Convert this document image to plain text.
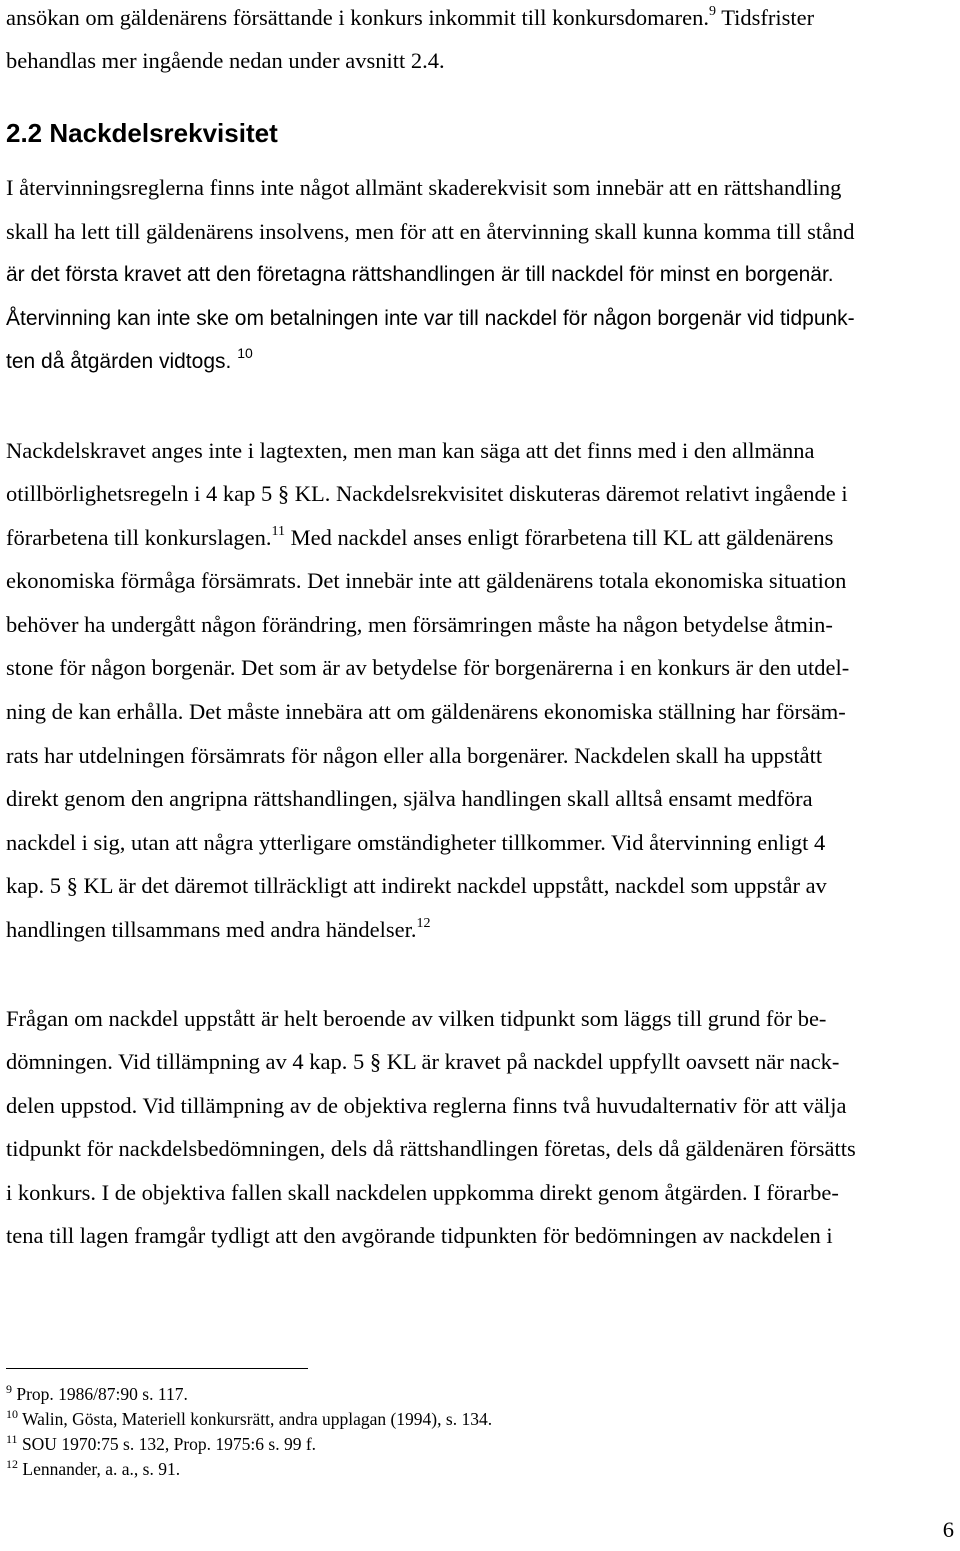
ansökan om gäldenärens försättande i konkurs inkommit till konkursdomaren.$^9$ Tidsfrister
behandlas mer ingående nedan under avsnitt 2.4.
2.2 Nackdelsrekvisitet
I återvinningsreglerna finns inte något allmänt skaderekvisit som innebär att en rättshandling
skall ha lett till gäldenärens insolvens, men för att en återvinning skall kunna komma till stånd
är det första kravet att den företagna rättshandlingen är till nackdel för minst en borgenär.
Återvinning kan inte ske om betalningen inte var till nackdel för någon borgenär vid tidpunk-
ten då åtgärden vidtogs. $^{10}$
Nackdelskravet anges inte i lagtexten, men man kan säga att det finns med i den allmänna
otillbörlighetsregeln i 4 kap 5 § KL. Nackdelsrekvisitet diskuteras däremot relativt ingående i
förarbetena till konkurslagen.$^{11}$ Med nackdel anses enligt förarbetena till KL att gäldenärens
ekonomiska förmåga försämrats. Det innebär inte att gäldenärens totala ekonomiska situation
behöver ha undergått någon förändring, men försämringen måste ha någon betydelse åtmin-
stone för någon borgenär. Det som är av betydelse för borgenärerna i en konkurs är den utdel-
ning de kan erhålla. Det måste innebära att om gäldenärens ekonomiska ställning har försäm-
rats har utdelningen försämrats för någon eller alla borgenärer. Nackdelen skall ha uppstått
direkt genom den angripna rättshandlingen, själva handlingen skall alltså ensamt medföra
nackdel i sig, utan att några ytterligare omständigheter tillkommer. Vid återvinning enligt 4
kap. 5 § KL är det däremot tillräckligt att indirekt nackdel uppstått, nackdel som uppstår av
handlingen tillsammans med andra händelser.$^{12}$
Frågan om nackdel uppstått är helt beroende av vilken tidpunkt som läggs till grund för be-
dömningen. Vid tillämpning av 4 kap. 5 § KL är kravet på nackdel uppfyllt oavsett när nack-
delen uppstod. Vid tillämpning av de objektiva reglerna finns två huvudalternativ för att välja
tidpunkt för nackdelsbedömningen, dels då rättshandlingen företas, dels då gäldenären försätts
i konkurs. I de objektiva fallen skall nackdelen uppkomma direkt genom åtgärden. I förarbe-
tena till lagen framgår tydligt att den avgörande tidpunkten för bedömningen av nackdelen i
$^9$ Prop. 1986/87:90 s. 117.
$^{10}$ Walin, Gösta, Materiell konkursrätt, andra upplagan (1994), s. 134.
$^{11}$ SOU 1970:75 s. 132, Prop. 1975:6 s. 99 f.
$^{12}$ Lennander, a. a., s. 91.
6
